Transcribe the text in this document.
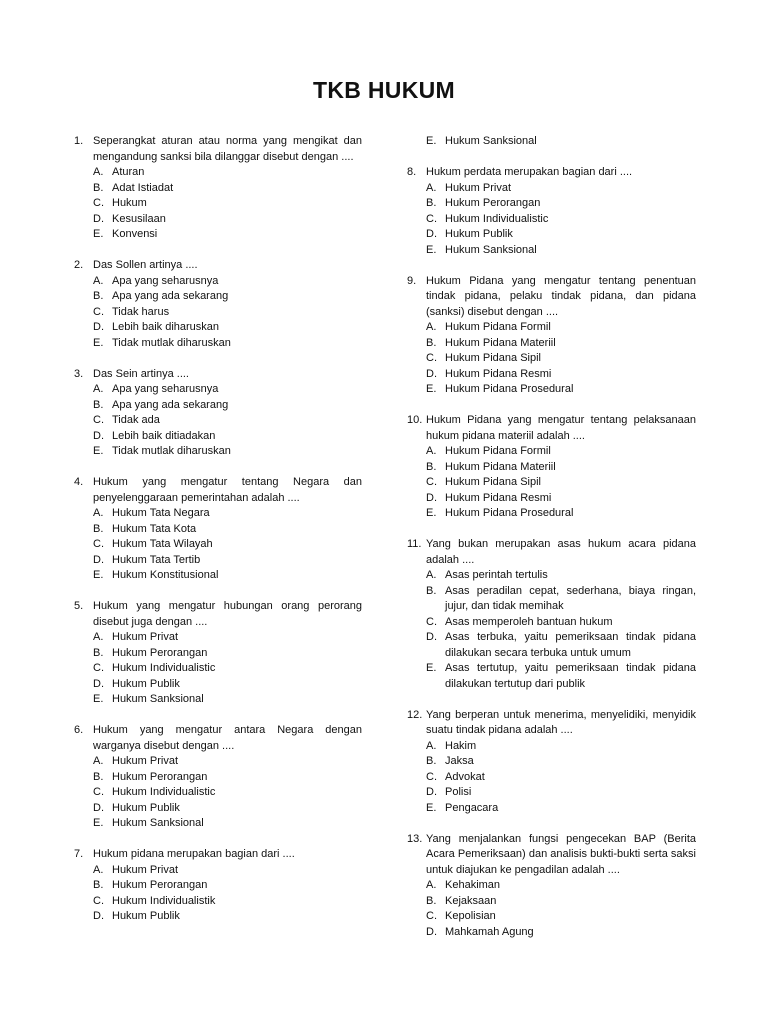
TKB HUKUM
1. Seperangkat aturan atau norma yang mengikat dan mengandung sanksi bila dilanggar disebut dengan ....
A. Aturan
B. Adat Istiadat
C. Hukum
D. Kesusilaan
E. Konvensi
2. Das Sollen artinya ....
A. Apa yang seharusnya
B. Apa yang ada sekarang
C. Tidak harus
D. Lebih baik diharuskan
E. Tidak mutlak diharuskan
3. Das Sein artinya ....
A. Apa yang seharusnya
B. Apa yang ada sekarang
C. Tidak ada
D. Lebih baik ditiadakan
E. Tidak mutlak diharuskan
4. Hukum yang mengatur tentang Negara dan penyelenggaraan pemerintahan adalah ....
A. Hukum Tata Negara
B. Hukum Tata Kota
C. Hukum Tata Wilayah
D. Hukum Tata Tertib
E. Hukum Konstitusional
5. Hukum yang mengatur hubungan orang perorang disebut juga dengan ....
A. Hukum Privat
B. Hukum Perorangan
C. Hukum Individualistic
D. Hukum Publik
E. Hukum Sanksional
6. Hukum yang mengatur antara Negara dengan warganya disebut dengan ....
A. Hukum Privat
B. Hukum Perorangan
C. Hukum Individualistic
D. Hukum Publik
E. Hukum Sanksional
7. Hukum pidana merupakan bagian dari ....
A. Hukum Privat
B. Hukum Perorangan
C. Hukum Individualistik
D. Hukum Publik
E. Hukum Sanksional
8. Hukum perdata merupakan bagian dari ....
A. Hukum Privat
B. Hukum Perorangan
C. Hukum Individualistic
D. Hukum Publik
E. Hukum Sanksional
9. Hukum Pidana yang mengatur tentang penentuan tindak pidana, pelaku tindak pidana, dan pidana (sanksi) disebut dengan ....
A. Hukum Pidana Formil
B. Hukum Pidana Materiil
C. Hukum Pidana Sipil
D. Hukum Pidana Resmi
E. Hukum Pidana Prosedural
10. Hukum Pidana yang mengatur tentang pelaksanaan hukum pidana materiil adalah ....
A. Hukum Pidana Formil
B. Hukum Pidana Materiil
C. Hukum Pidana Sipil
D. Hukum Pidana Resmi
E. Hukum Pidana Prosedural
11. Yang bukan merupakan asas hukum acara pidana adalah ....
A. Asas perintah tertulis
B. Asas peradilan cepat, sederhana, biaya ringan, jujur, dan tidak memihak
C. Asas memperoleh bantuan hukum
D. Asas terbuka, yaitu pemeriksaan tindak pidana dilakukan secara terbuka untuk umum
E. Asas tertutup, yaitu pemeriksaan tindak pidana dilakukan tertutup dari publik
12. Yang berperan untuk menerima, menyelidiki, menyidik suatu tindak pidana adalah ....
A. Hakim
B. Jaksa
C. Advokat
D. Polisi
E. Pengacara
13. Yang menjalankan fungsi pengecekan BAP (Berita Acara Pemeriksaan) dan analisis bukti-bukti serta saksi untuk diajukan ke pengadilan adalah ....
A. Kehakiman
B. Kejaksaan
C. Kepolisian
D. Mahkamah Agung
